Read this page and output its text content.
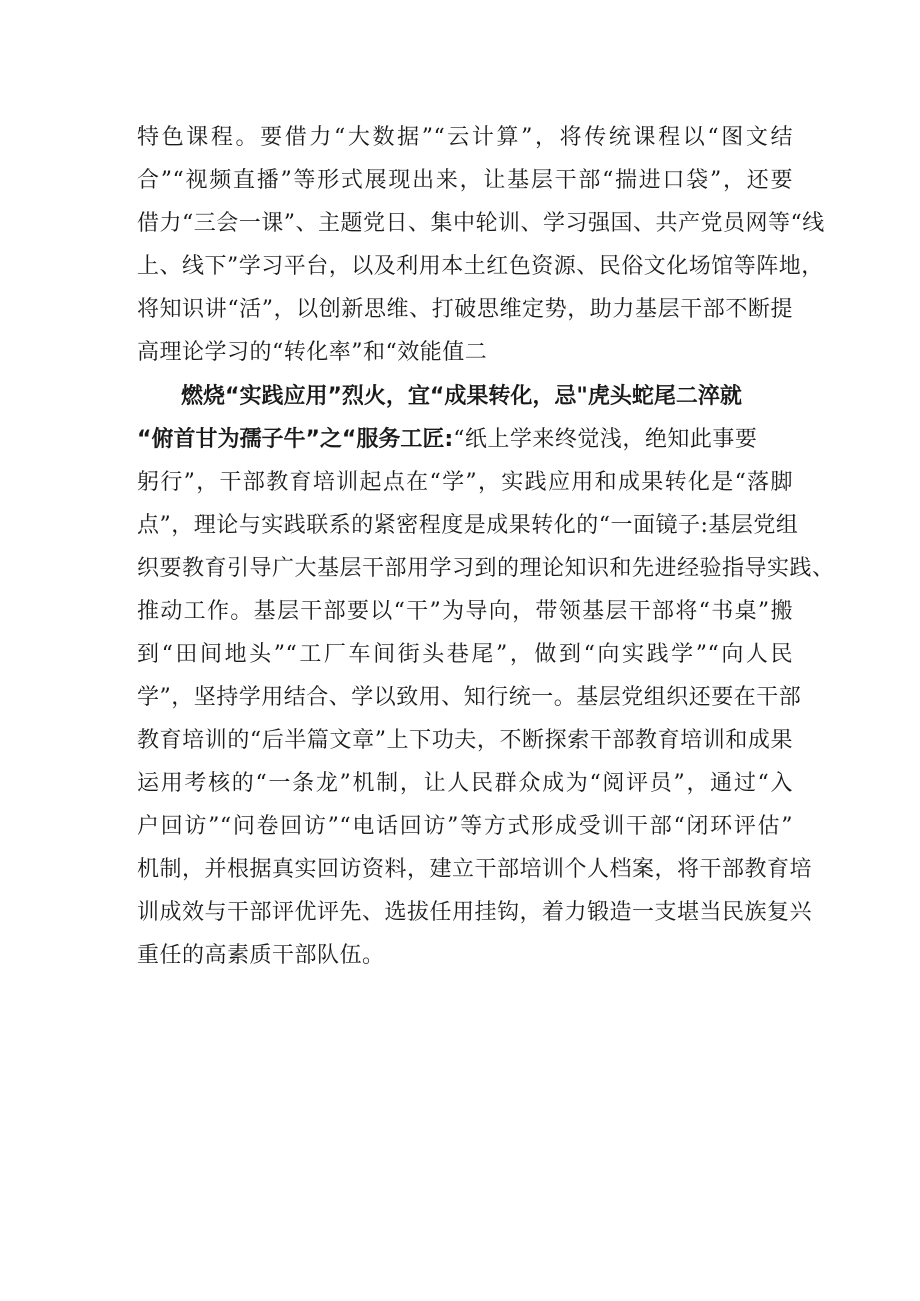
特色课程。要借力“大数据”“云计算”，将传统课程以“图文结
合”“视频直播”等形式展现出来，让基层干部“揣进口袋”，还要
借力“三会一课”、主题党日、集中轮训、学习强国、共产党员网等“线
上、线下”学习平台，以及利用本土红色资源、民俗文化场馆等阵地，
将知识讲“活”，以创新思维、打破思维定势，助力基层干部不断提
高理论学习的“转化率”和“效能值二
燃烧“实践应用”烈火，宜“成果转化，忌"虎头蛇尾二淬就
“俯首甘为孺子牛”之“服务工匠:“纸上学来终觉浅，绝知此事要
躬行”，干部教育培训起点在“学”，实践应用和成果转化是“落脚
点”，理论与实践联系的紧密程度是成果转化的“一面镜子:基层党组
织要教育引导广大基层干部用学习到的理论知识和先进经验指导实践、
推动工作。基层干部要以“干”为导向，带领基层干部将“书桌”搬
到“田间地头”“工厂车间街头巷尾”，做到“向实践学”“向人民
学”，坚持学用结合、学以致用、知行统一。基层党组织还要在干部
教育培训的“后半篇文章”上下功夫，不断探索干部教育培训和成果
运用考核的“一条龙”机制，让人民群众成为“阅评员”，通过“入
户回访”“问卷回访”“电话回访”等方式形成受训干部“闭环评估”
机制，并根据真实回访资料，建立干部培训个人档案，将干部教育培
训成效与干部评优评先、选拔任用挂钩，着力锻造一支堪当民族复兴
重任的高素质干部队伍。
